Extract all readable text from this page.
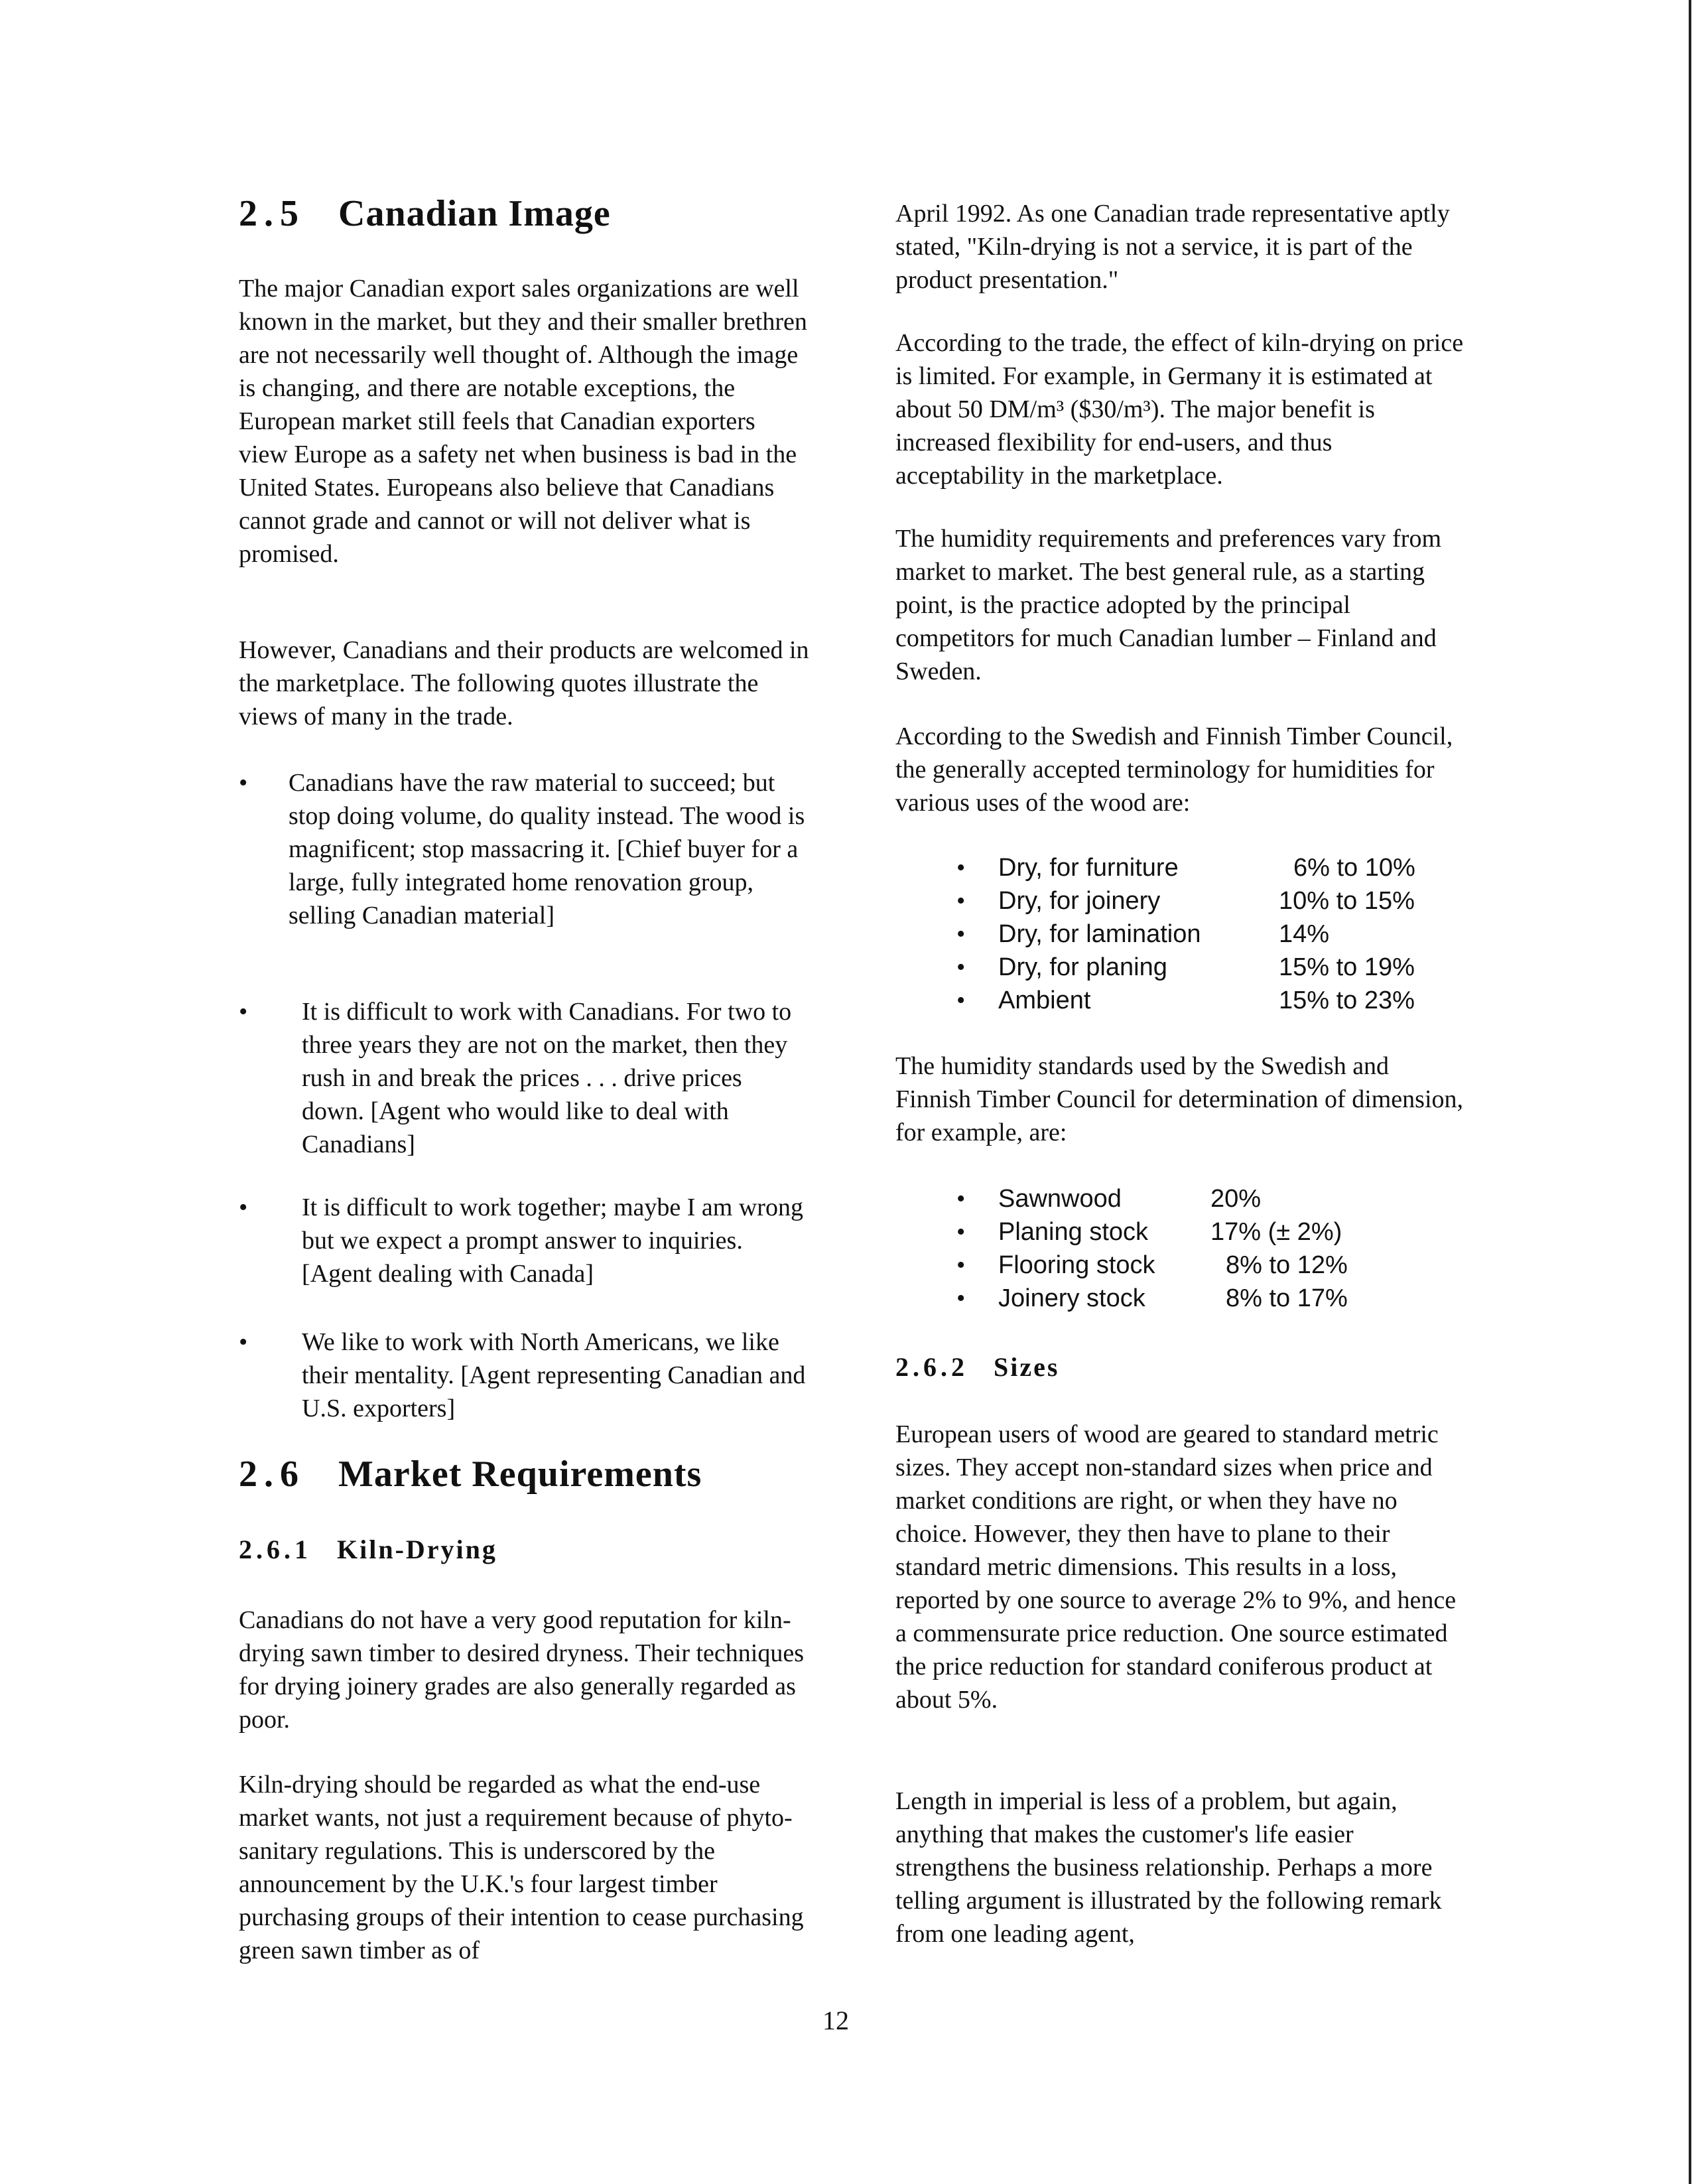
2.5 Canadian Image

The major Canadian export sales organizations are well known in the market, but they and their smaller brethren are not necessarily well thought of. Although the image is changing, and there are notable exceptions, the European market still feels that Canadian exporters view Europe as a safety net when business is bad in the United States. Europeans also believe that Canadians cannot grade and cannot or will not deliver what is promised.

However, Canadians and their products are welcomed in the marketplace. The following quotes illustrate the views of many in the trade.

• Canadians have the raw material to succeed; but stop doing volume, do quality instead. The wood is magnificent; stop massacring it. [Chief buyer for a large, fully integrated home renovation group, selling Canadian material]

• It is difficult to work with Canadians. For two to three years they are not on the market, then they rush in and break the prices . . . drive prices down. [Agent who would like to deal with Canadians]

• It is difficult to work together; maybe I am wrong but we expect a prompt answer to inquiries. [Agent dealing with Canada]

• We like to work with North Americans, we like their mentality. [Agent representing Canadian and U.S. exporters]

2.6 Market Requirements
2.6.1 Kiln-Drying

Canadians do not have a very good reputation for kiln-drying sawn timber to desired dryness. Their techniques for drying joinery grades are also generally regarded as poor.

Kiln-drying should be regarded as what the end-use market wants, not just a requirement because of phyto-sanitary regulations. This is underscored by the announcement by the U.K.'s four largest timber purchasing groups of their intention to cease purchasing green sawn timber as of

April 1992. As one Canadian trade representative aptly stated, "Kiln-drying is not a service, it is part of the product presentation."

According to the trade, the effect of kiln-drying on price is limited. For example, in Germany it is estimated at about 50 DM/m³ ($30/m³). The major benefit is increased flexibility for end-users, and thus acceptability in the marketplace.

The humidity requirements and preferences vary from market to market. The best general rule, as a starting point, is the practice adopted by the principal competitors for much Canadian lumber – Finland and Sweden.

According to the Swedish and Finnish Timber Council, the generally accepted terminology for humidities for various uses of the wood are:

• Dry, for furniture	6% to 10%
• Dry, for joinery	10% to 15%
• Dry, for lamination	14%
• Dry, for planing	15% to 19%
• Ambient	15% to 23%

The humidity standards used by the Swedish and Finnish Timber Council for determination of dimension, for example, are:

• Sawnwood	20%
• Planing stock 17% (± 2%)
• Flooring stock	8% to 12%
• Joinery stock	8% to 17%
2.6.2 Sizes

European users of wood are geared to standard metric sizes. They accept non-standard sizes when price and market conditions are right, or when they have no choice. However, they then have to plane to their standard metric dimensions. This results in a loss, reported by one source to average 2% to 9%, and hence a commensurate price reduction. One source estimated the price reduction for standard coniferous product at about 5%.

Length in imperial is less of a problem, but again, anything that makes the customer's life easier strengthens the business relationship. Perhaps a more telling argument is illustrated by the following remark from one leading agent,

12
